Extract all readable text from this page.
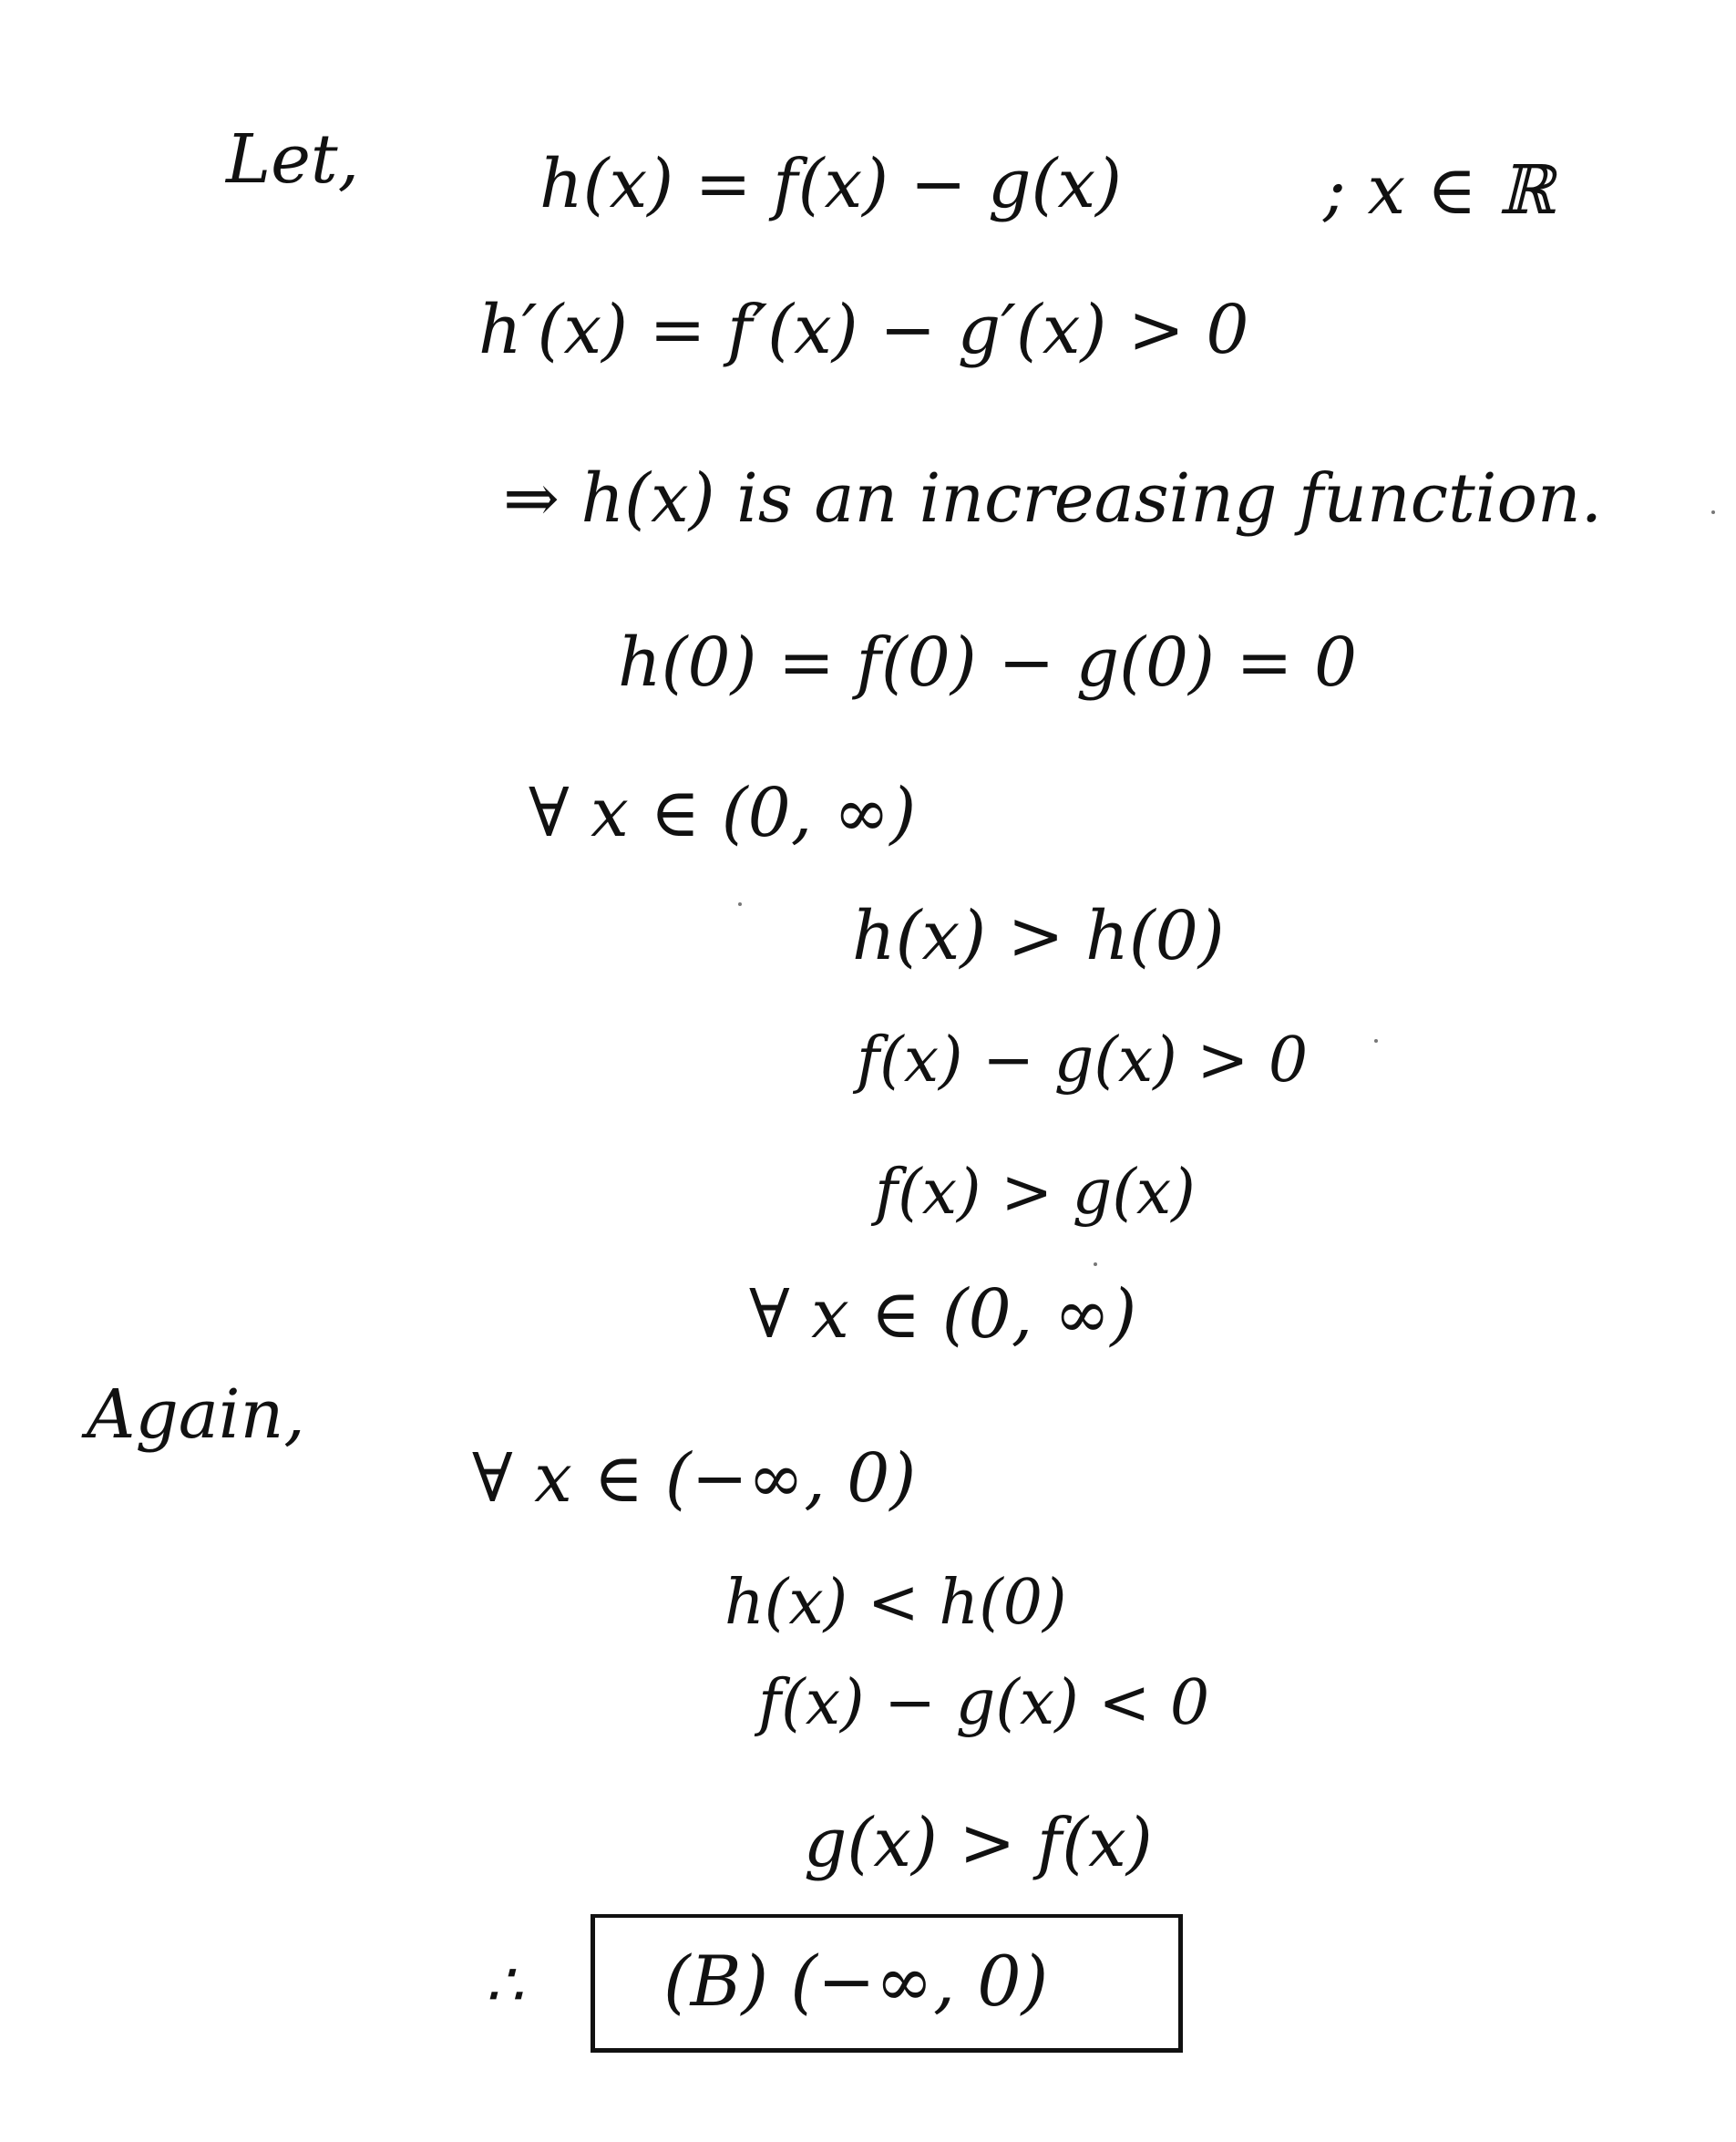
Let,	h(x) = f(x) − g(x)	; x ∈ ℝ
h′(x) = f′(x) − g′(x) > 0
⇒ h(x) is an increasing function.
h(0) = f(0) − g(0) = 0
∀ x ∈ (0, ∞)
h(x) > h(0)
f(x) − g(x) > 0
f(x) > g(x)
∀ x ∈ (0, ∞)
Again,
∀ x ∈ (−∞, 0)
h(x) < h(0)
f(x) − g(x) < 0
g(x) > f(x)
∴ (B) (−∞, 0)
